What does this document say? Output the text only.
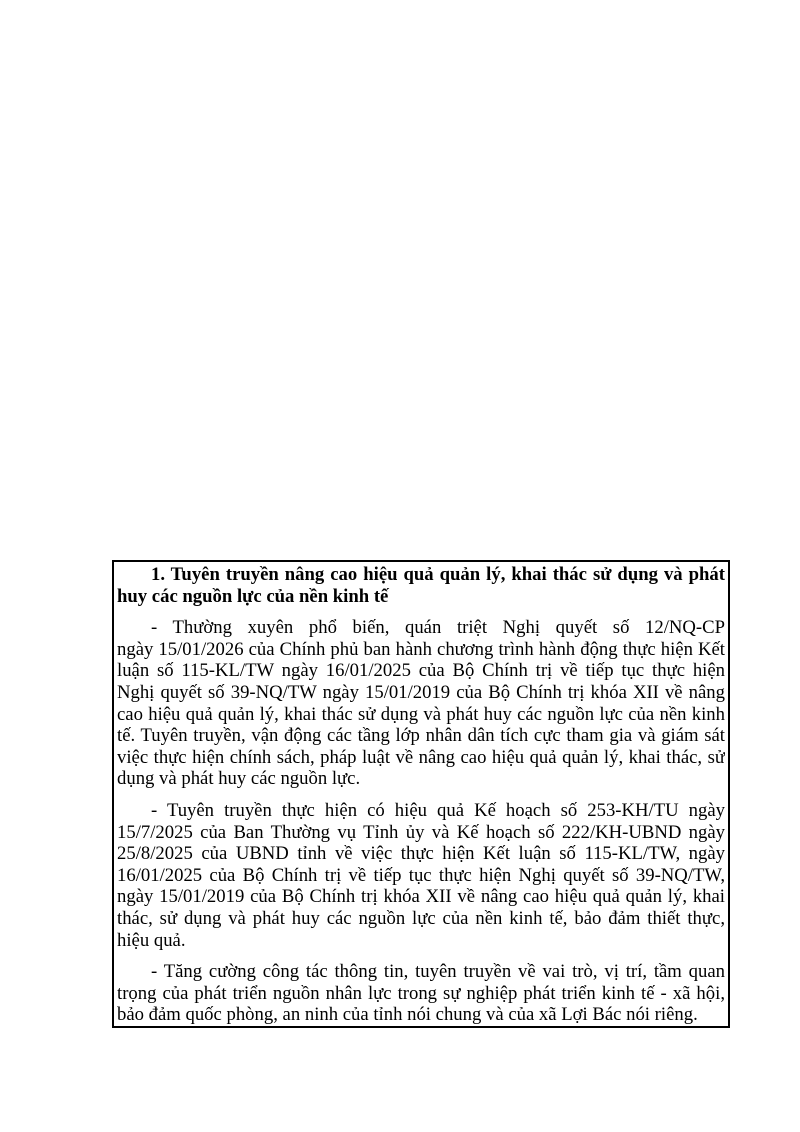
1. Tuyên truyền nâng cao hiệu quả quản lý, khai thác sử dụng và phát
huy các nguồn lực của nền kinh tế
- Thường xuyên phổ biến, quán triệt Nghị quyết số 12/NQ-CP
ngày 15/01/2026 của Chính phủ ban hành chương trình hành động thực hiện Kết
luận số 115-KL/TW ngày 16/01/2025 của Bộ Chính trị về tiếp tục thực hiện
Nghị quyết số 39-NQ/TW ngày 15/01/2019 của Bộ Chính trị khóa XII về nâng
cao hiệu quả quản lý, khai thác sử dụng và phát huy các nguồn lực của nền kinh
tế. Tuyên truyền, vận động các tầng lớp nhân dân tích cực tham gia và giám sát
việc thực hiện chính sách, pháp luật về nâng cao hiệu quả quản lý, khai thác, sử
dụng và phát huy các nguồn lực.
- Tuyên truyền thực hiện có hiệu quả Kế hoạch số 253-KH/TU ngày
15/7/2025 của Ban Thường vụ Tỉnh ủy và Kế hoạch số 222/KH-UBND ngày
25/8/2025 của UBND tỉnh về việc thực hiện Kết luận số 115-KL/TW, ngày
16/01/2025 của Bộ Chính trị về tiếp tục thực hiện Nghị quyết số 39-NQ/TW,
ngày 15/01/2019 của Bộ Chính trị khóa XII về nâng cao hiệu quả quản lý, khai
thác, sử dụng và phát huy các nguồn lực của nền kinh tế, bảo đảm thiết thực,
hiệu quả.
- Tăng cường công tác thông tin, tuyên truyền về vai trò, vị trí, tầm quan
trọng của phát triển nguồn nhân lực trong sự nghiệp phát triển kinh tế - xã hội,
bảo đảm quốc phòng, an ninh của tỉnh nói chung và của xã Lợi Bác nói riêng.
